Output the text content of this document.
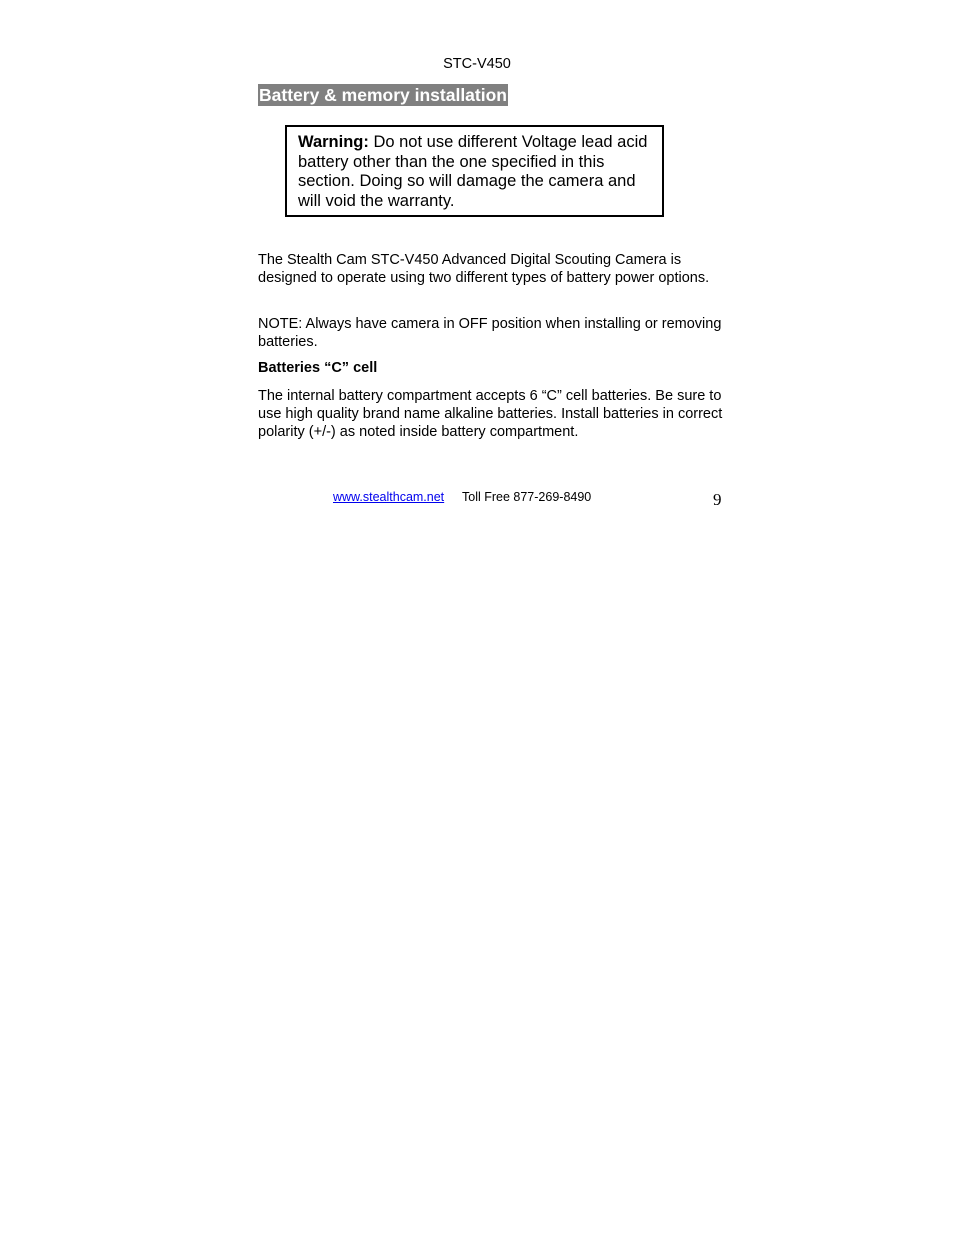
STC-V450
Battery & memory installation
Warning: Do not use different Voltage lead acid battery other than the one specified in this section. Doing so will damage the camera and will void the warranty.

The Stealth Cam STC-V450 Advanced Digital Scouting Camera is designed to operate using two different types of battery power options.

NOTE: Always have camera in OFF position when installing or removing batteries.

Batteries “C” cell

The internal battery compartment accepts 6 “C” cell batteries. Be sure to use high quality brand name alkaline batteries. Install batteries in correct polarity (+/-) as noted inside battery compartment.

www.stealthcam.net Toll Free 877-269-8490	9
